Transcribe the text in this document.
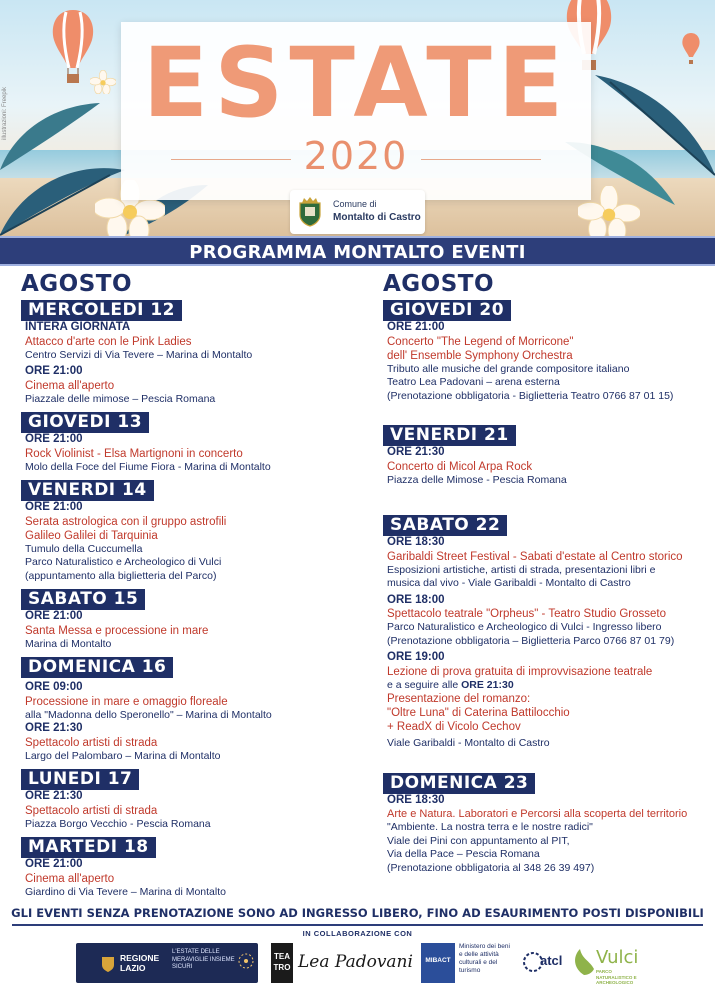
illustrazioni: Freepik ESTATE
2020
Comune di
Montalto di Castro
PROGRAMMA MONTALTO EVENTI
AGOSTO
MERCOLEDI 12
INTERA GIORNATA
Attacco d'arte con le Pink Ladies
Centro Servizi di Via Tevere – Marina di Montalto
ORE 21:00
Cinema all'aperto
Piazzale delle mimose – Pescia Romana
GIOVEDI 13
ORE 21:00
Rock Violinist - Elsa Martignoni in concerto
Molo della Foce del Fiume Fiora - Marina di Montalto
VENERDI 14
ORE 21:00
Serata astrologica con il gruppo astrofili
Galileo Galilei di Tarquinia
Tumulo della Cuccumella
Parco Naturalistico e Archeologico di Vulci
(appuntamento alla biglietteria del Parco)
SABATO 15
ORE 21:00
Santa Messa e processione in mare
Marina di Montalto
DOMENICA 16
ORE 09:00
Processione in mare e omaggio floreale
alla "Madonna dello Speronello" – Marina di Montalto
ORE 21:30
Spettacolo artisti di strada
Largo del Palombaro – Marina di Montalto
LUNEDI 17
ORE 21:30
Spettacolo artisti di strada
Piazza Borgo Vecchio - Pescia Romana
MARTEDI 18
ORE 21:00
Cinema all'aperto
Giardino di Via Tevere – Marina di Montalto
AGOSTO
GIOVEDI 20
ORE 21:00
Concerto "The Legend of Morricone"
dell' Ensemble Symphony Orchestra
Tributo alle musiche del grande compositore italiano
Teatro Lea Padovani – arena esterna
(Prenotazione obbligatoria - Biglietteria Teatro 0766 87 01 15)
VENERDI 21
ORE 21:30
Concerto di Micol Arpa Rock
Piazza delle Mimose - Pescia Romana
SABATO 22
ORE 18:30
Garibaldi Street Festival - Sabati d'estate al Centro storico
Esposizioni artistiche, artisti di strada, presentazioni libri e
musica dal vivo - Viale Garibaldi - Montalto di Castro
ORE 18:00
Spettacolo teatrale "Orpheus" - Teatro Studio Grosseto
Parco Naturalistico e Archeologico di Vulci - Ingresso libero
(Prenotazione obbligatoria – Biglietteria Parco 0766 87 01 79)
ORE 19:00
Lezione di prova gratuita di improvvisazione teatrale
e a seguire alle ORE 21:30
Presentazione del romanzo:
"Oltre Luna" di Caterina Battilocchio
+ ReadX di Vicolo Cechov
Viale Garibaldi - Montalto di Castro
DOMENICA 23
ORE 18:30
Arte e Natura. Laboratori e Percorsi alla scoperta del territorio
"Ambiente. La nostra terra e le nostre radici"
Viale dei Pini con appuntamento al PIT,
Via della Pace – Pescia Romana
(Prenotazione obbligatoria al 348 26 39 497)
GLI EVENTI SENZA PRENOTAZIONE SONO AD INGRESSO LIBERO, FINO AD ESAURIMENTO POSTI DISPONIBILI
IN COLLABORAZIONE CON
REGIONE LAZIO
L'ESTATE DELLE MERAVIGLIE INSIEME SICURI
TEA TRO Lea Padovani	MIBACT
Ministero dei beni e delle attività culturali e del turismo
atcl Vulci
PARCO NATURALISTICO E ARCHEOLOGICO
